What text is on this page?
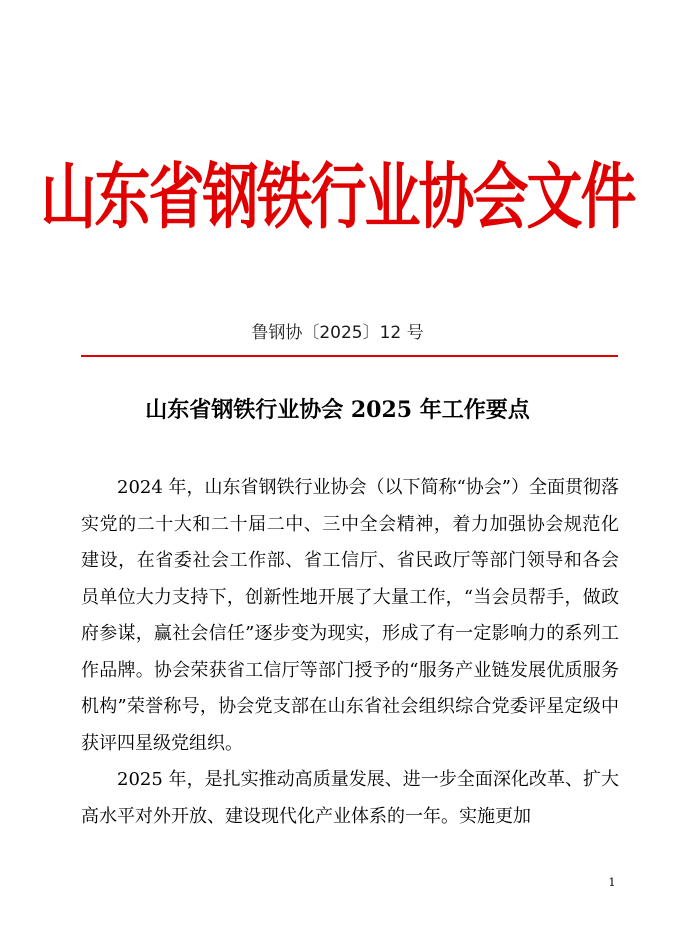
山东省钢铁行业协会文件
鲁钢协〔2025〕12 号
山东省钢铁行业协会 2025 年工作要点

2024 年，山东省钢铁行业协会（以下简称“协会”）全面贯彻落实党的二十大和二十届二中、三中全会精神，着力加强协会规范化建设，在省委社会工作部、省工信厅、省民政厅等部门领导和各会员单位大力支持下，创新性地开展了大量工作，“当会员帮手，做政府参谋，赢社会信任”逐步变为现实，形成了有一定影响力的系列工作品牌。协会荣获省工信厅等部门授予的“服务产业链发展优质服务机构”荣誉称号，协会党支部在山东省社会组织综合党委评星定级中获评四星级党组织。

2025 年，是扎实推动高质量发展、进一步全面深化改革、扩大高水平对外开放、建设现代化产业体系的一年。实施更加

1
